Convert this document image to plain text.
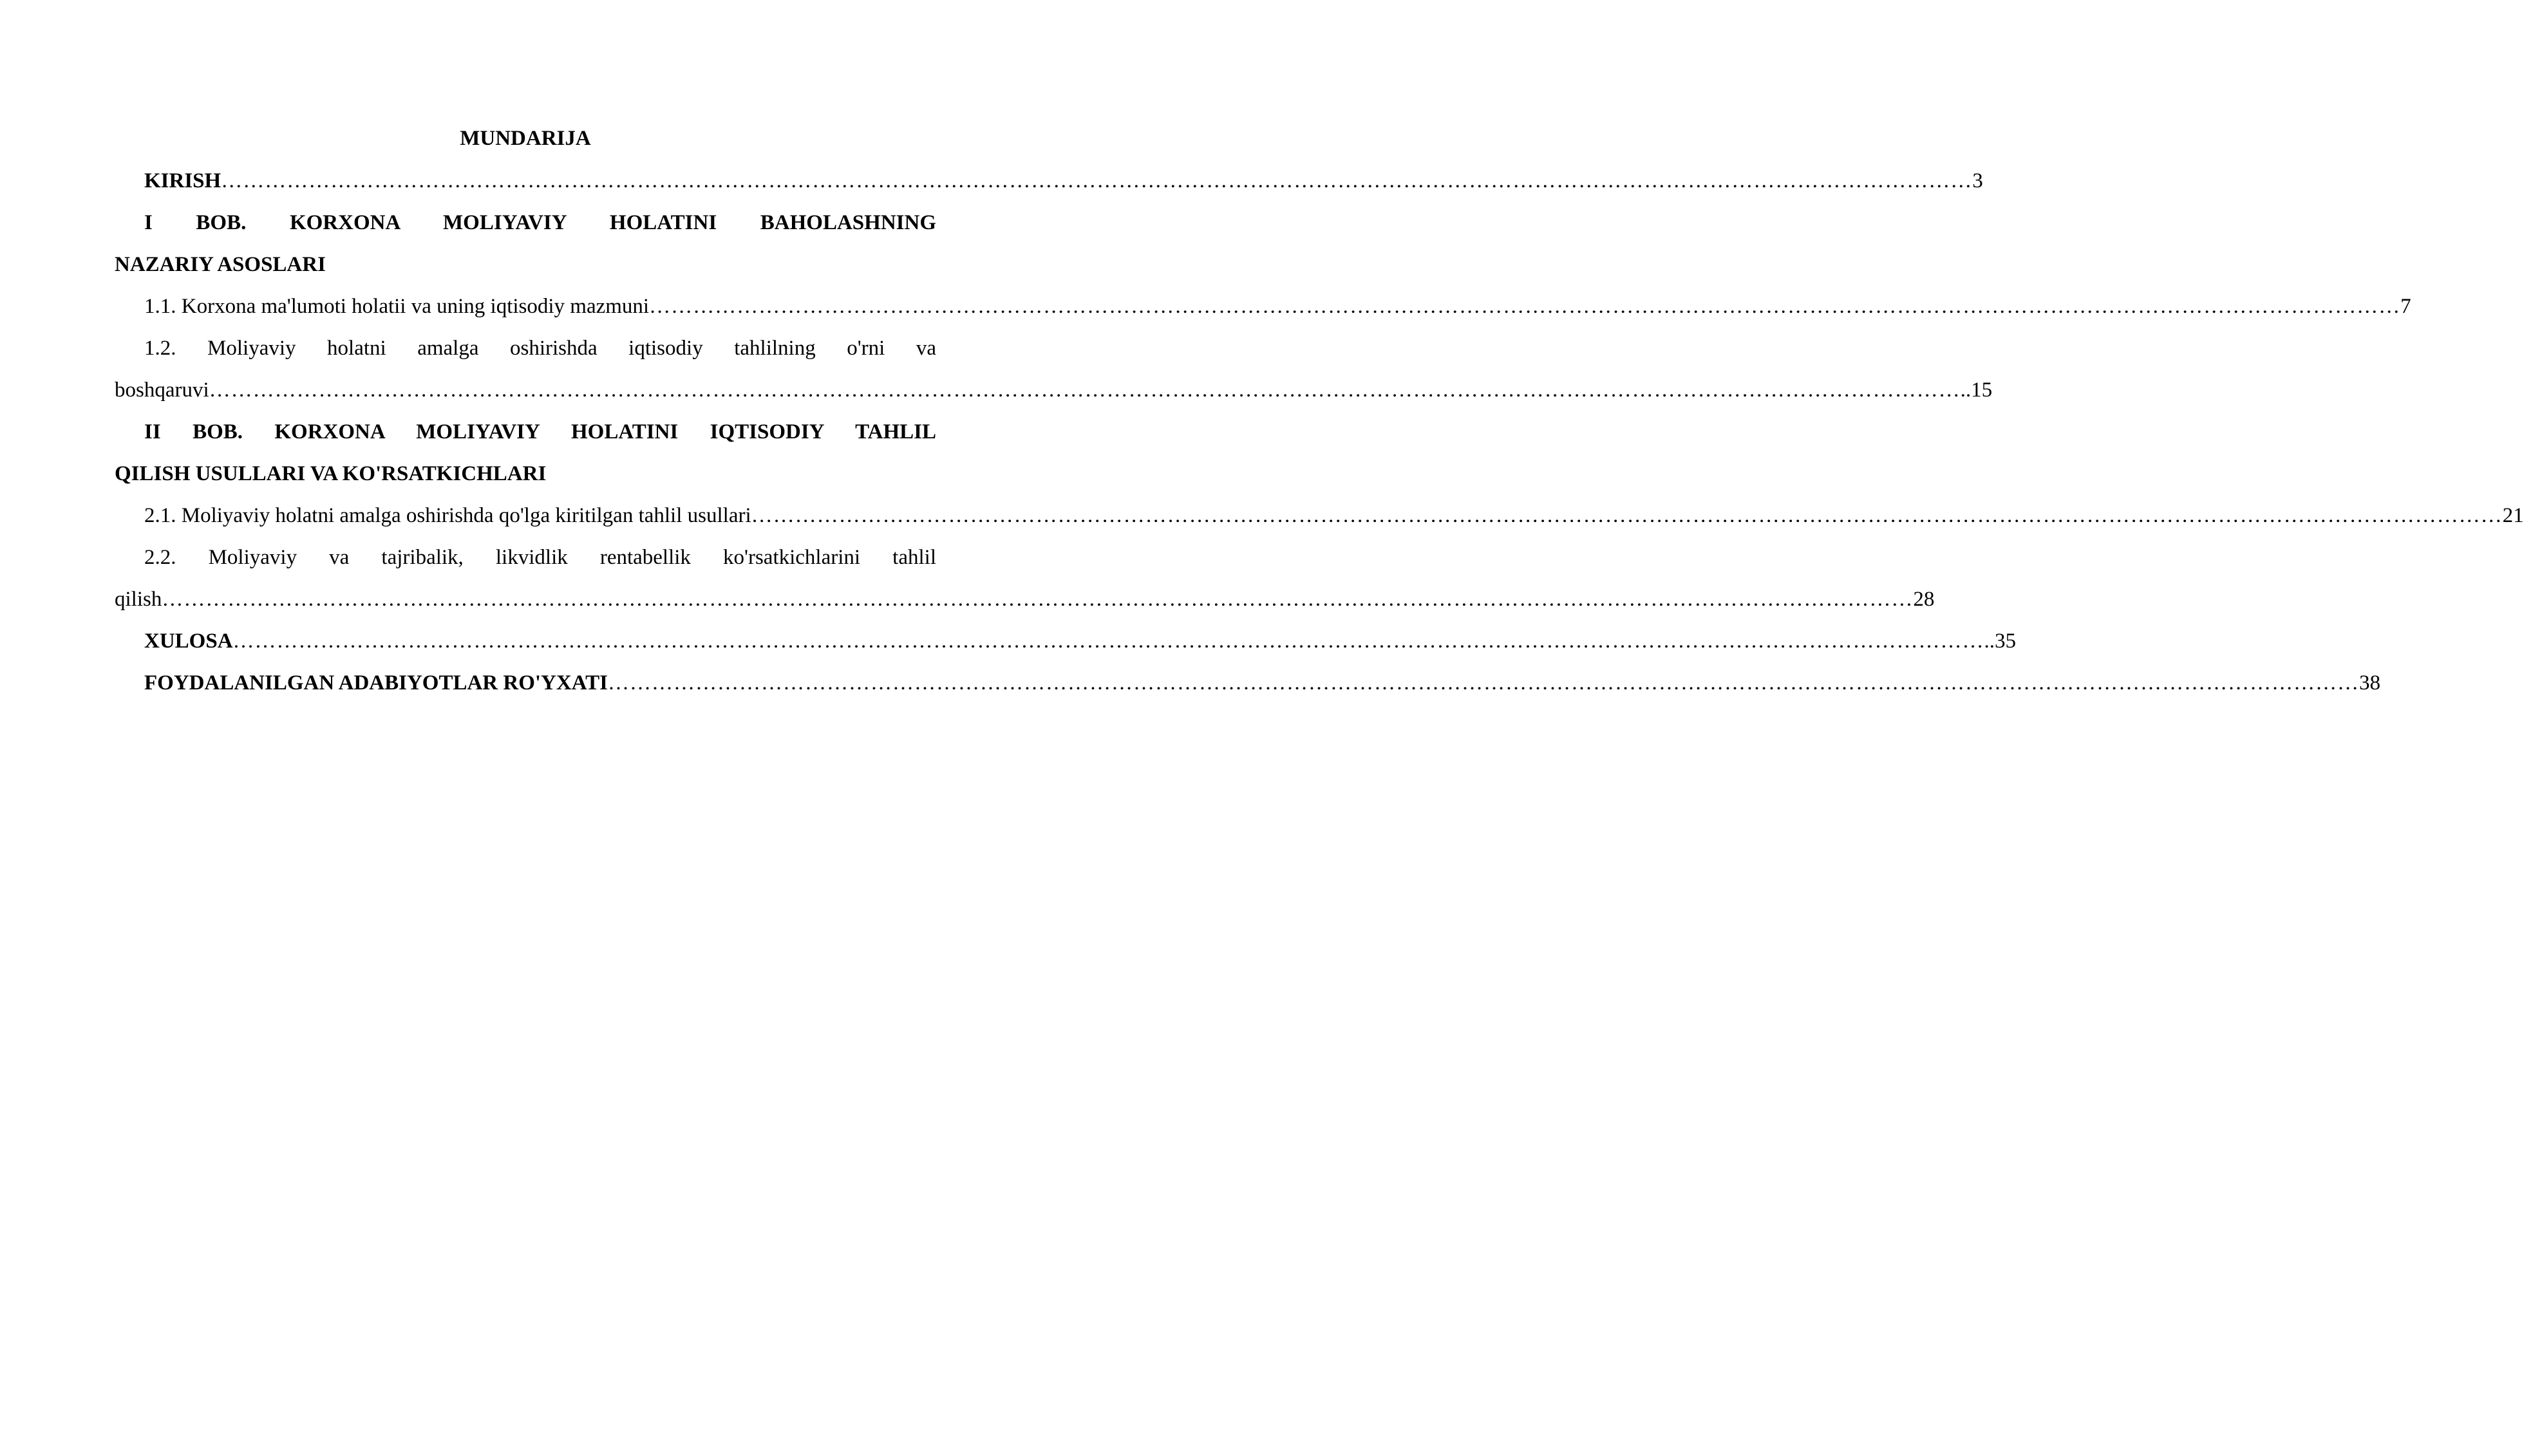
MUNDARIJA
KIRISH …………………………………………………………………………………………………………………………………………………………………………………………………………………… 3
I BOB. KORXONA MOLIYAVIY HOLATINI BAHOLASHNING
NAZARIY ASOSLARI
1.1. Korxona ma'lumoti holatii va uning iqtisodiy mazmuni …………………………………………………………………………………………………………………………………………………………………………………………………………………… 7
1.2. Moliyaviy holatni amalga oshirishda iqtisodiy tahlilning o'rni va
boshqaruvi …………………………………………………………………………………………………………………………………………………………………………………………………………………… ..15
II BOB. KORXONA MOLIYAVIY HOLATINI IQTISODIY TAHLIL
QILISH USULLARI VA KO'RSATKICHLARI
2.1. Moliyaviy holatni amalga oshirishda qo'lga kiritilgan tahlil usullari …………………………………………………………………………………………………………………………………………………………………………………………………………………… 21
2.2. Moliyaviy va tajribalik, likvidlik rentabellik ko'rsatkichlarini tahlil
qilish …………………………………………………………………………………………………………………………………………………………………………………………………………………… 28
XULOSA …………………………………………………………………………………………………………………………………………………………………………………………………………………… ..35
FOYDALANILGAN ADABIYOTLAR RO'YXATI …………………………………………………………………………………………………………………………………………………………………………………………………………………… 38
